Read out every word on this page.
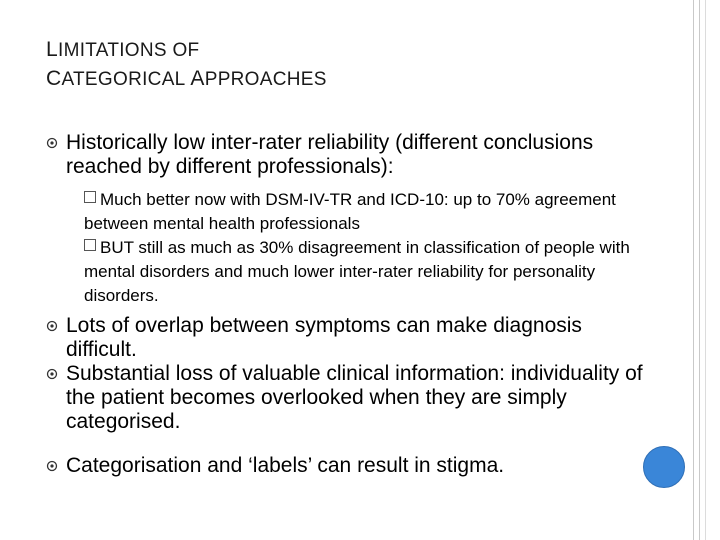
LIMITATIONS OF
CATEGORICAL APPROACHES
Historically low inter-rater reliability (different conclusions reached by different professionals):
Much better now with DSM-IV-TR and ICD-10: up to 70% agreement between mental health professionals
BUT still as much as 30% disagreement in classification of people with mental disorders and much lower inter-rater reliability for personality disorders.
Lots of overlap between symptoms can make diagnosis difficult.
Substantial loss of valuable clinical information: individuality of the patient becomes overlooked when they are simply categorised.
Categorisation and ‘labels’ can result in stigma.
